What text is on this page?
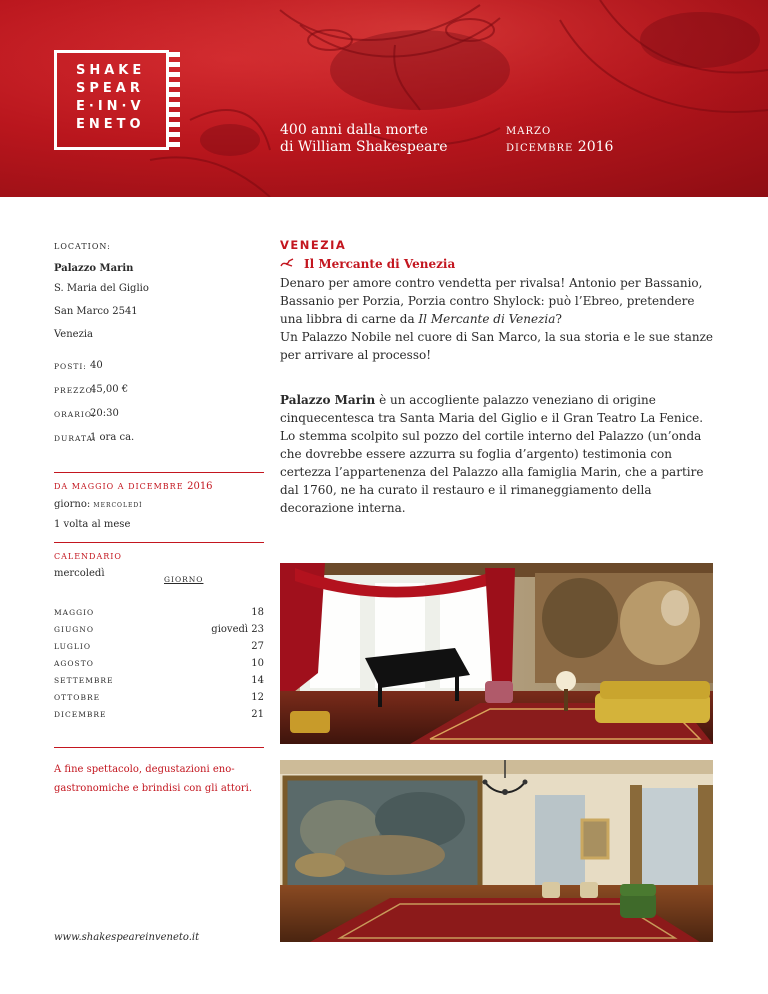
SHAKE
SPEAR
E·IN·V
ENETO	400 anni dalla morte
di William Shakespeare
marzo
dicembre 2016
LOCATION:
Palazzo Marin
S. Maria del Giglio
San Marco 2541
Venezia
POSTI: 40
PREZZO:
45,00 €
ORARIO:
20:30
DURATA:
1 ora ca.
DA MAGGIO A DICEMBRE 2016
giorno: mercoledì
1 volta al mese
CALENDARIO
mercoledì
GIORNO
MAGGIO	18
GIUGNO	giovedì 23
LUGLIO	27
AGOSTO	10
SETTEMBRE	14
OTTOBRE	12
DICEMBRE	21
A fine spettacolo, degustazioni eno-gastronomiche e brindisi con gli attori.
www.shakespeareinveneto.it
VENEZIA
Il Mercante di Venezia
Denaro per amore contro vendetta per rivalsa! Antonio per Bassanio, Bassanio per Porzia, Porzia contro Shylock: può l’Ebreo, pretendere una libbra di carne da Il Mercante di Venezia?
Un Palazzo Nobile nel cuore di San Marco, la sua storia e le sue stanze per arrivare al processo!
Palazzo Marin è un accogliente palazzo veneziano di origine cinquecentesca tra Santa Maria del Giglio e il Gran Teatro La Fenice.
Lo stemma scolpito sul pozzo del cortile interno del Palazzo (un’onda che dovrebbe essere azzurra su foglia d’argento) testimonia con certezza l’appartenenza del Palazzo alla famiglia Marin, che a partire dal 1760, ne ha curato il restauro e il rimaneggiamento della decorazione interna.
